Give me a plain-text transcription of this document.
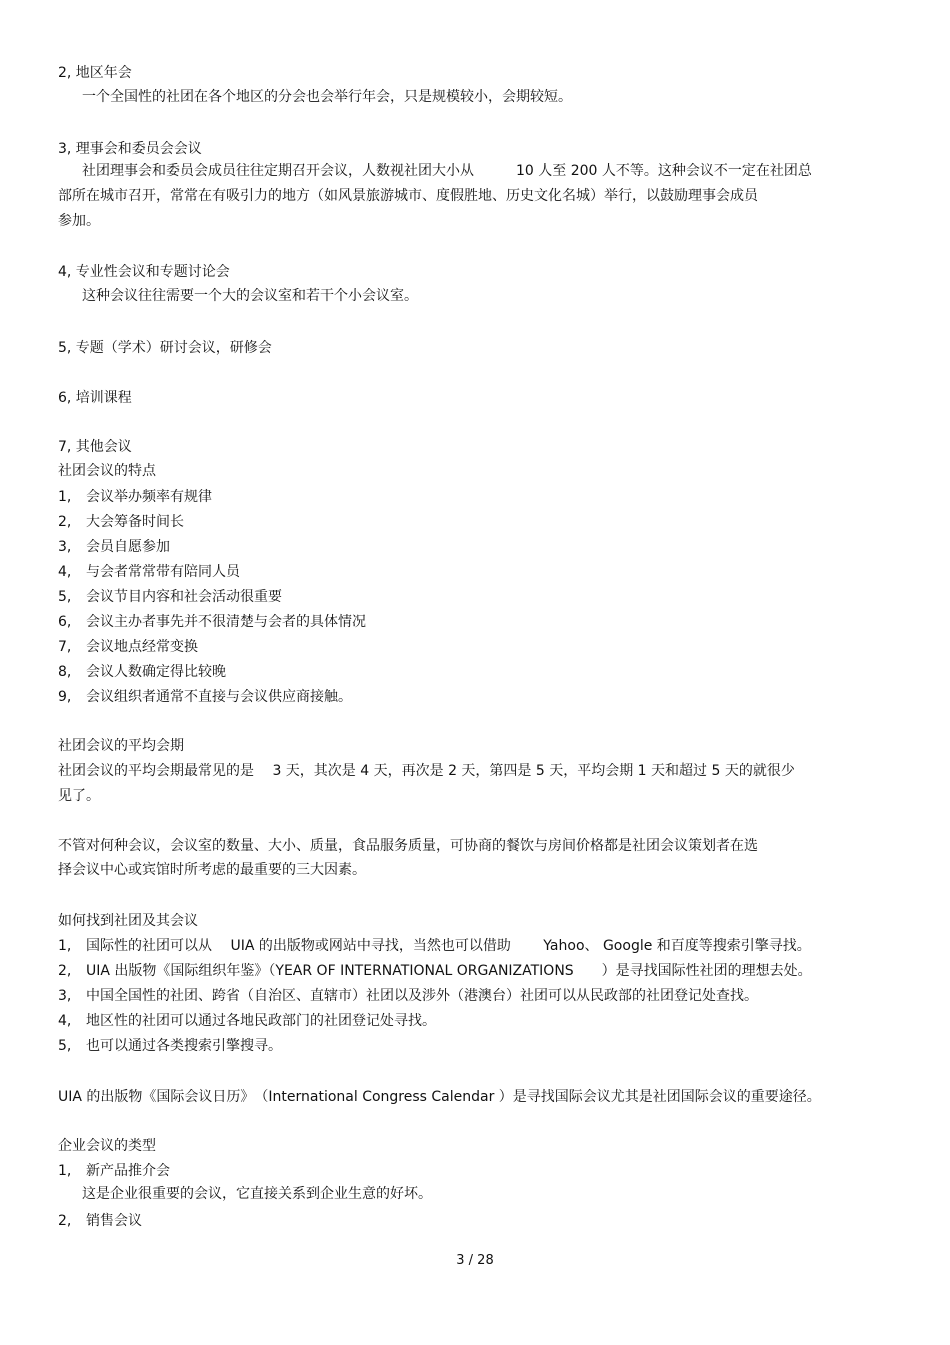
2, 地区年会
一个全国性的社团在各个地区的分会也会举行年会，只是规模较小，会期较短。
3, 理事会和委员会会议
社团理事会和委员会成员往往定期召开会议，人数视社团大小从　　　10 人至 200 人不等。这种会议不一定在社团总
部所在城市召开，常常在有吸引力的地方（如风景旅游城市、度假胜地、历史文化名城）举行，以鼓励理事会成员
参加。
4, 专业性会议和专题讨论会
这种会议往往需要一个大的会议室和若干个小会议室。
5, 专题（学术）研讨会议，研修会
6, 培训课程
7, 其他会议
社团会议的特点
1, 会议举办频率有规律
2, 大会筹备时间长
3, 会员自愿参加
4, 与会者常常带有陪同人员
5, 会议节目内容和社会活动很重要
6, 会议主办者事先并不很清楚与会者的具体情况
7, 会议地点经常变换
8, 会议人数确定得比较晚
9, 会议组织者通常不直接与会议供应商接触。
社团会议的平均会期
社团会议的平均会期最常见的是　 3 天，其次是 4 天，再次是 2 天，第四是 5 天，平均会期 1 天和超过 5 天的就很少
见了。
不管对何种会议，会议室的数量、大小、质量，食品服务质量，可协商的餐饮与房间价格都是社团会议策划者在选
择会议中心或宾馆时所考虑的最重要的三大因素。
如何找到社团及其会议
1, 国际性的社团可以从　 UIA 的出版物或网站中寻找，当然也可以借助　　 Yahoo、 Google 和百度等搜索引擎寻找。
2, UIA 出版物《国际组织年鉴》（YEAR OF INTERNATIONAL ORGANIZATIONS　　）是寻找国际性社团的理想去处。
3, 中国全国性的社团、跨省（自治区、直辖市）社团以及涉外（港澳台）社团可以从民政部的社团登记处查找。
4, 地区性的社团可以通过各地民政部门的社团登记处寻找。
5, 也可以通过各类搜索引擎搜寻。
UIA 的出版物《国际会议日历》　（International Congress Calendar ）是寻找国际会议尤其是社团国际会议的重要途径。
企业会议的类型
1, 新产品推介会
这是企业很重要的会议，它直接关系到企业生意的好坏。
2, 销售会议
3 / 28
